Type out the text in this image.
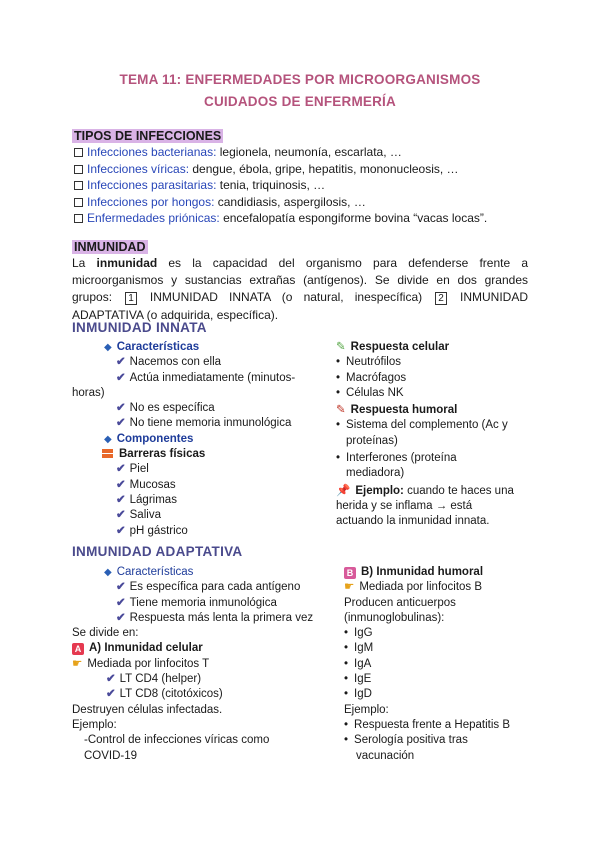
TEMA 11: ENFERMEDADES POR MICROORGANISMOS
CUIDADOS DE ENFERMERÍA
TIPOS DE INFECCIONES
Infecciones bacterianas: legionela, neumonía, escarlata, …
Infecciones víricas: dengue, ébola, gripe, hepatitis, mononucleosis, …
Infecciones parasitarias: tenia, triquinosis, …
Infecciones por hongos: candidiasis, aspergilosis, …
Enfermedades priónicas: encefalopatía espongiforme bovina “vacas locas”.
INMUNIDAD
La inmunidad es la capacidad del organismo para defenderse frente a microorganismos y sustancias extrañas (antígenos). Se divide en dos grandes grupos: 1 INMUNIDAD INNATA (o natural, inespecífica) 2 INMUNIDAD ADAPTATIVA (o adquirida, específica).
INMUNIDAD INNATA
◆ Características
✔ Nacemos con ella
✔ Actúa inmediatamente (minutos-
horas)
✔ No es específica
✔ No tiene memoria inmunológica
◆ Componentes
Barreras físicas
✔ Piel
✔ Mucosas
✔ Lágrimas
✔ Saliva
✔ pH gástrico
✎ Respuesta celular
• Neutrófilos
• Macrófagos
• Células NK
✎ Respuesta humoral
• Sistema del complemento (Ac y
proteínas)
• Interferones (proteína
mediadora)
📌 Ejemplo: cuando te haces una
herida y se inflama → está
actuando la inmunidad innata.
INMUNIDAD ADAPTATIVA
◆ Características
✔ Es específica para cada antígeno
✔ Tiene memoria inmunológica
✔ Respuesta más lenta la primera vez
Se divide en:
A A) Inmunidad celular
☛ Mediada por linfocitos T
✔ LT CD4 (helper)
✔ LT CD8 (citotóxicos)
Destruyen células infectadas.
Ejemplo:
-Control de infecciones víricas como
COVID-19
B B) Inmunidad humoral
☛ Mediada por linfocitos B
Producen anticuerpos
(inmunoglobulinas):
• IgG
• IgM
• IgA
• IgE
• IgD
Ejemplo:
• Respuesta frente a Hepatitis B
• Serología positiva tras
vacunación
